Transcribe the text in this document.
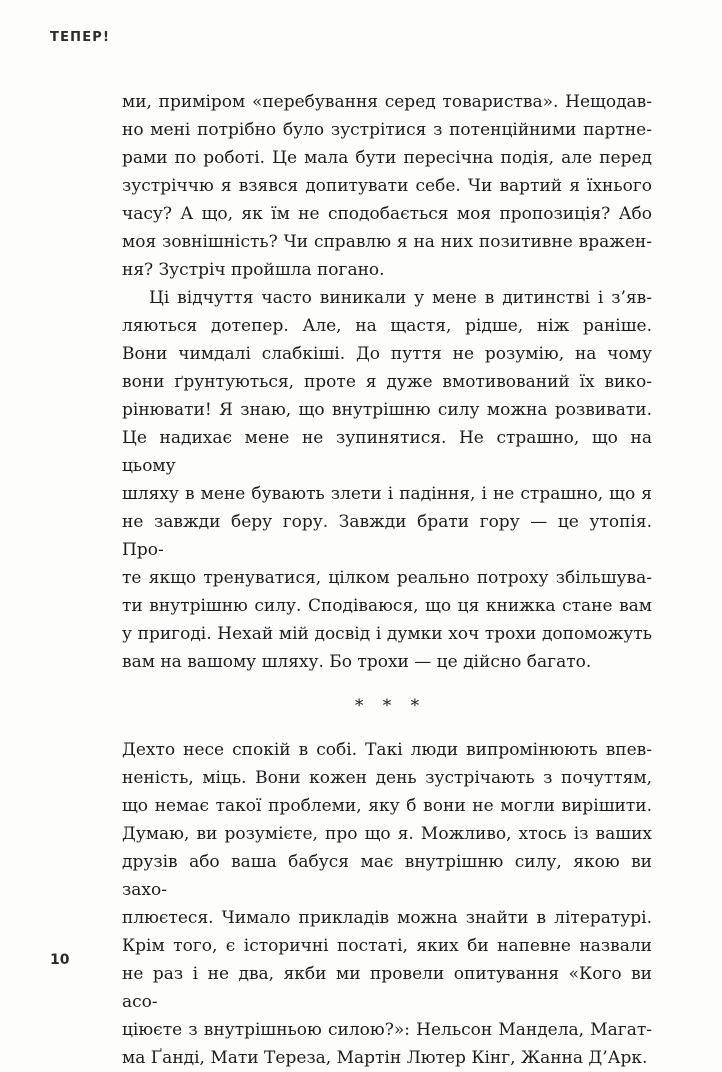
ТЕПЕР!

ми, приміром «перебування серед товариства». Нещодав-
но мені потрібно було зустрітися з потенційними партне-
рами по роботі. Це мала бути пересічна подія, але перед
зустріччю я взявся допитувати себе. Чи вартий я їхнього
часу? А що, як їм не сподобається моя пропозиція? Або
моя зовнішність? Чи справлю я на них позитивне вражен-
ня? Зустріч пройшла погано.

Ці відчуття часто виникали у мене в дитинстві і з’яв-
ляються дотепер. Але, на щастя, рідше, ніж раніше.
Вони чимдалі слабкіші. До пуття не розумію, на чому
вони ґрунтуються, проте я дуже вмотивований їх вико-
рінювати! Я знаю, що внутрішню силу можна розвивати.
Це надихає мене не зупинятися. Не страшно, що на цьому
шляху в мене бувають злети і падіння, і не страшно, що я
не завжди беру гору. Завжди брати гору — це утопія. Про-
те якщо тренуватися, цілком реально потроху збільшува-
ти внутрішню силу. Сподіваюся, що ця книжка стане вам
у пригоді. Нехай мій досвід і думки хоч трохи допоможуть
вам на вашому шляху. Бо трохи — це дійсно багато.

* * *

Дехто несе спокій в собі. Такі люди випромінюють впев-
неність, міць. Вони кожен день зустрічають з почуттям,
що немає такої проблеми, яку б вони не могли вирішити.
Думаю, ви розумієте, про що я. Можливо, хтось із ваших
друзів або ваша бабуся має внутрішню силу, якою ви захо-
плюєтеся. Чимало прикладів можна знайти в літературі.
Крім того, є історичні постаті, яких би напевне назвали
не раз і не два, якби ми провели опитування «Кого ви асо-
ціюєте з внутрішньою силою?»: Нельсон Мандела, Магат-
ма Ґанді, Мати Тереза, Мартін Лютер Кінг, Жанна Д’Арк.

10
